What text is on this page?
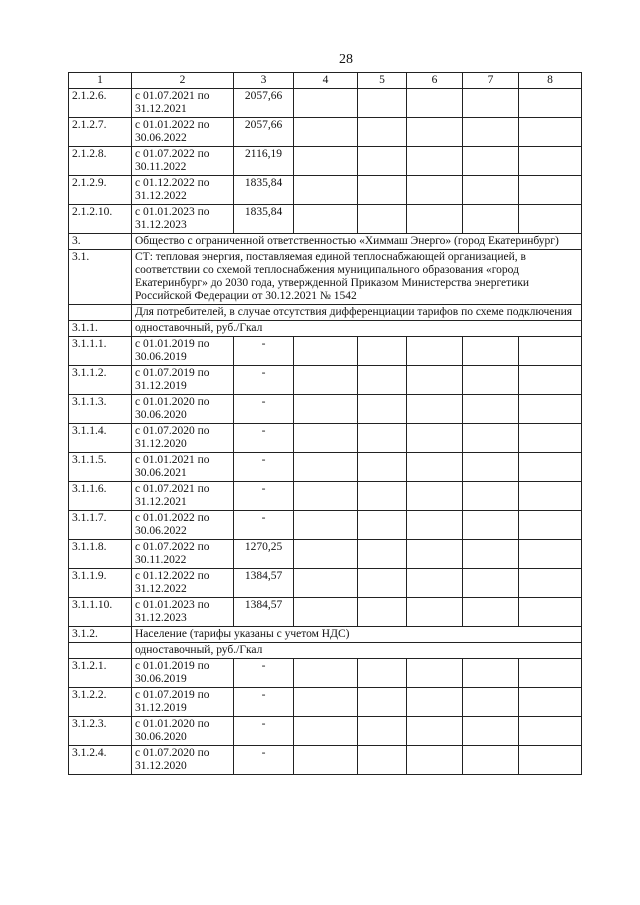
28
1	2	3	4	5	6	7	8
2.1.2.6.	с 01.07.2021 по 31.12.2021	2057,66					
2.1.2.7.	с 01.01.2022 по 30.06.2022	2057,66					
2.1.2.8.	с 01.07.2022 по 30.11.2022	2116,19					
2.1.2.9.	с 01.12.2022 по 31.12.2022	1835,84					
2.1.2.10.	с 01.01.2023 по 31.12.2023	1835,84					
3.	Общество с ограниченной ответственностью «Химмаш Энерго» (город Екатеринбург)						
3.1.	СТ: тепловая энергия, поставляемая единой теплоснабжающей организацией, в соответствии со схемой теплоснабжения муниципального образования «город Екатеринбург» до 2030 года, утвержденной Приказом Министерства энергетики Российской Федерации от 30.12.2021 № 1542						
	Для потребителей, в случае отсутствия дифференциации тарифов по схеме подключения						
3.1.1.	одноставочный, руб./Гкал						
3.1.1.1.	с 01.01.2019 по 30.06.2019	-					
3.1.1.2.	с 01.07.2019 по 31.12.2019	-					
3.1.1.3.	с 01.01.2020 по 30.06.2020	-					
3.1.1.4.	с 01.07.2020 по 31.12.2020	-					
3.1.1.5.	с 01.01.2021 по 30.06.2021	-					
3.1.1.6.	с 01.07.2021 по 31.12.2021	-					
3.1.1.7.	с 01.01.2022 по 30.06.2022	-					
3.1.1.8.	с 01.07.2022 по 30.11.2022	1270,25					
3.1.1.9.	с 01.12.2022 по 31.12.2022	1384,57					
3.1.1.10.	с 01.01.2023 по 31.12.2023	1384,57					
3.1.2.	Население (тарифы указаны с учетом НДС)						
	одноставочный, руб./Гкал						
3.1.2.1.	с 01.01.2019 по 30.06.2019	-					
3.1.2.2.	с 01.07.2019 по 31.12.2019	-					
3.1.2.3.	с 01.01.2020 по 30.06.2020	-					
3.1.2.4.	с 01.07.2020 по 31.12.2020	-					
